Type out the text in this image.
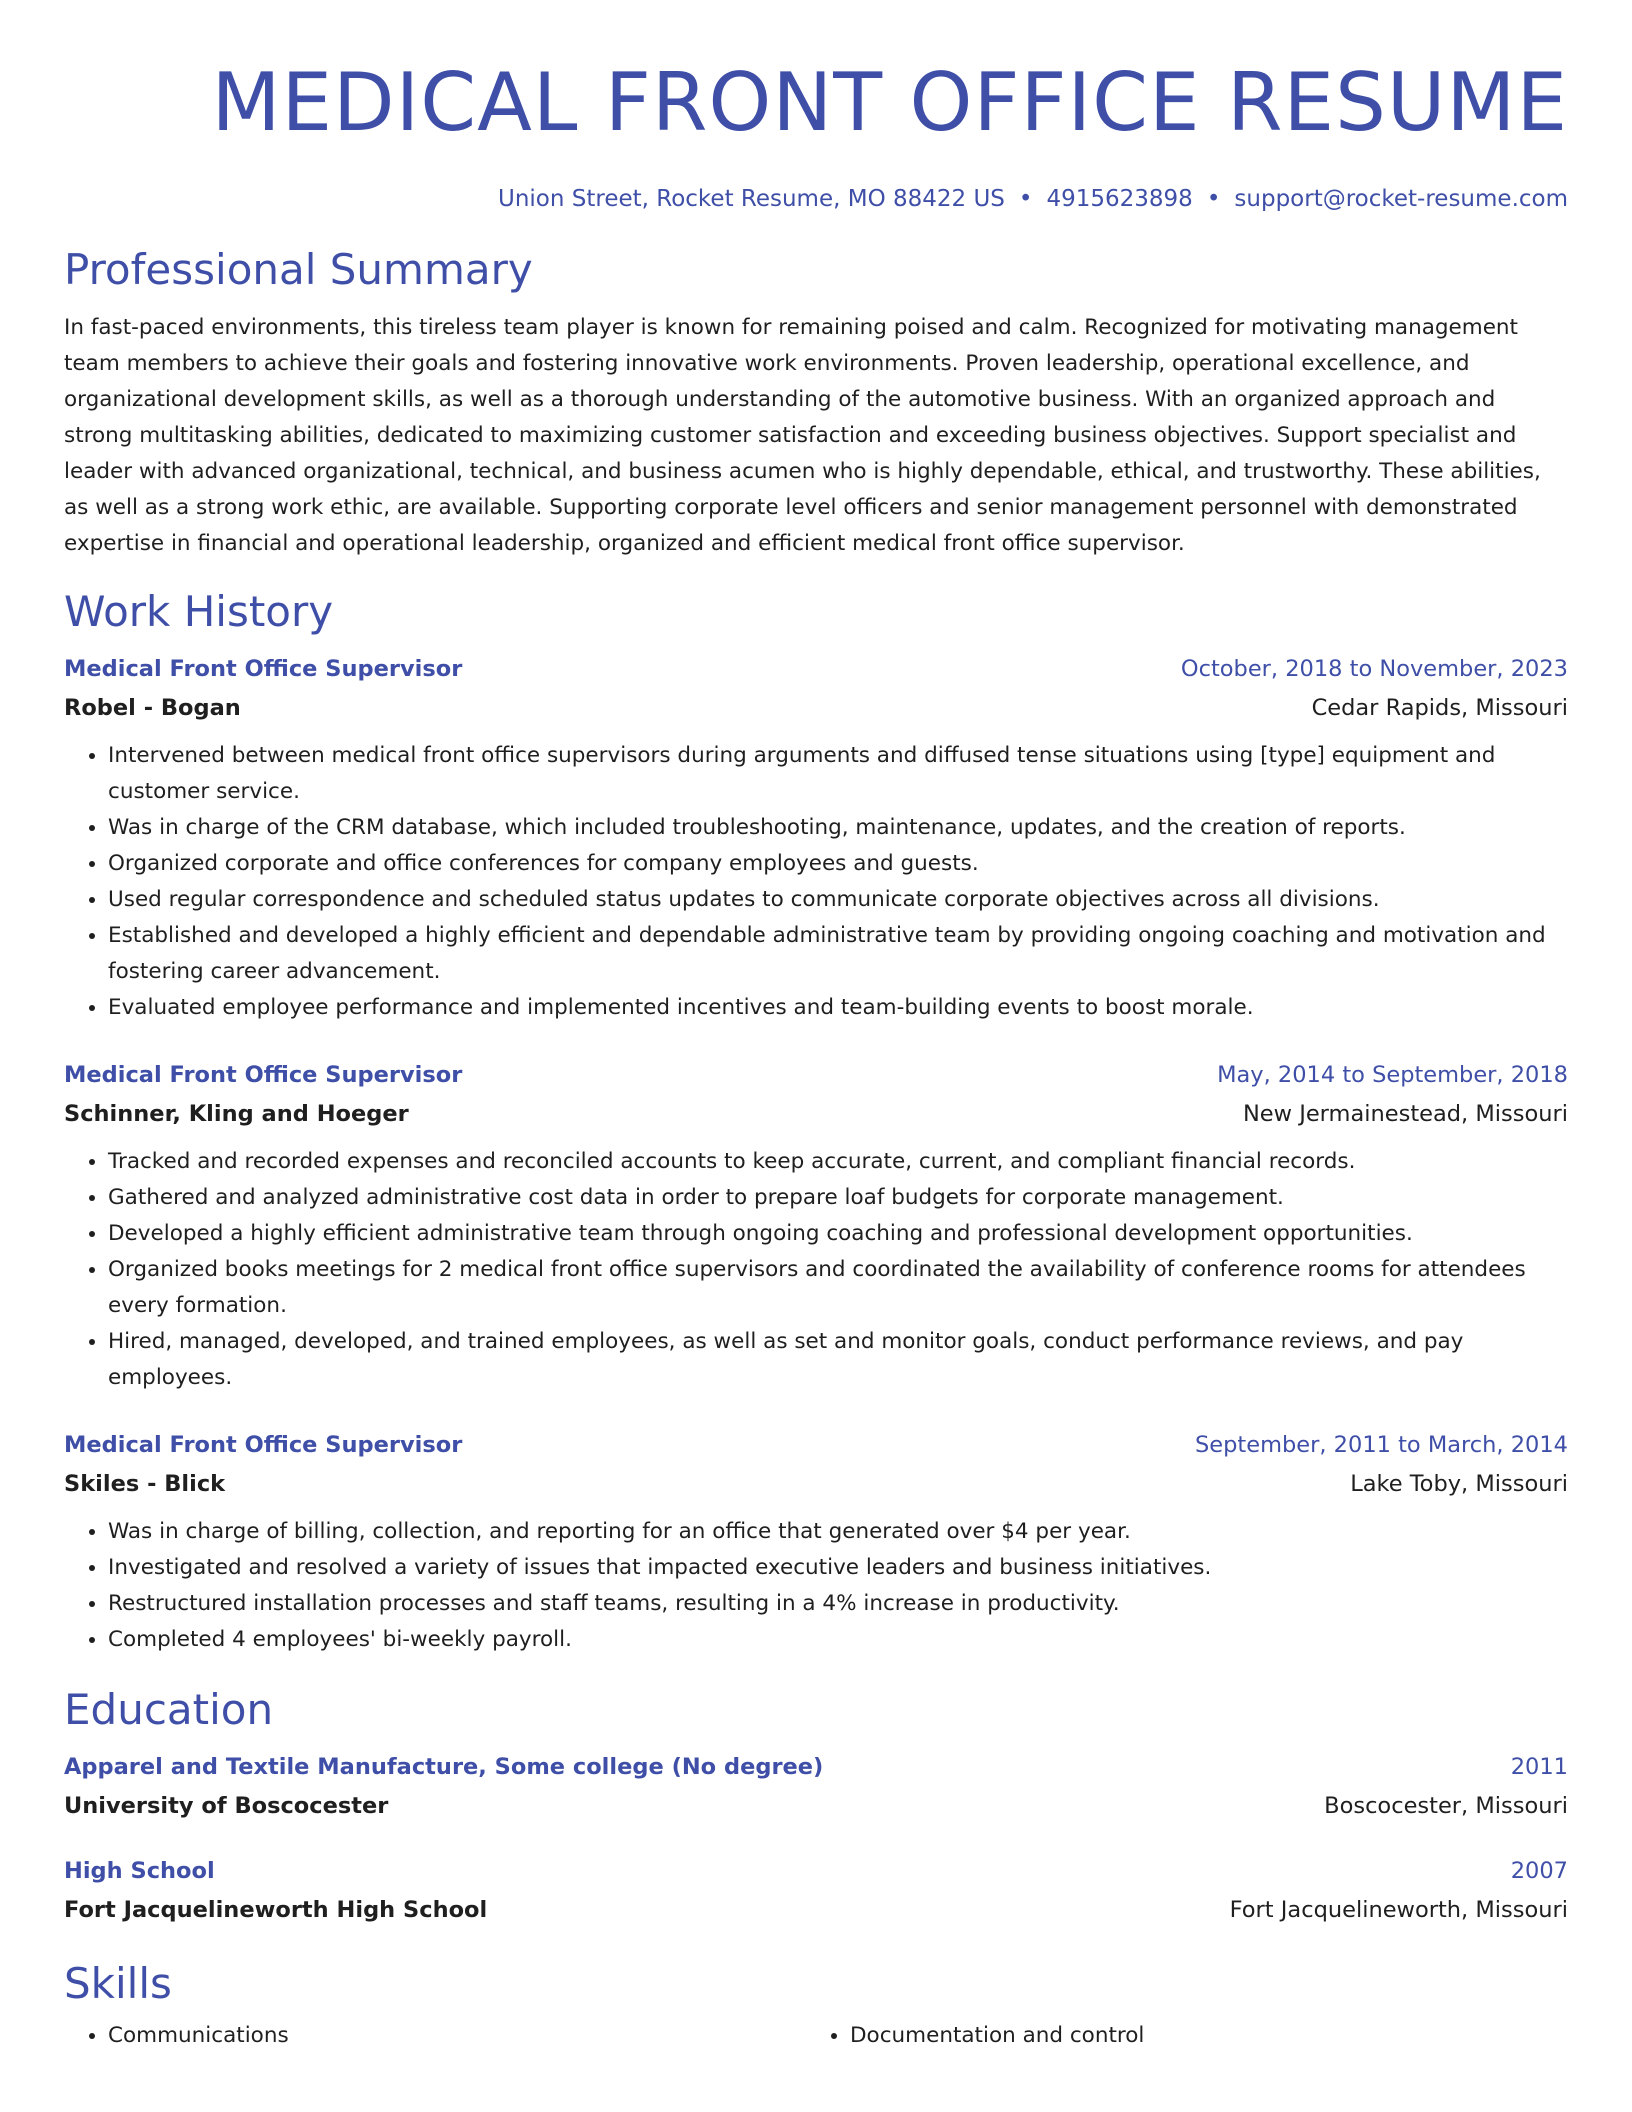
MEDICAL FRONT OFFICE RESUME
Union Street, Rocket Resume, MO 88422 US • 4915623898 • support@rocket-resume.com
Professional Summary
In fast-paced environments, this tireless team player is known for remaining poised and calm. Recognized for motivating management team members to achieve their goals and fostering innovative work environments. Proven leadership, operational excellence, and organizational development skills, as well as a thorough understanding of the automotive business. With an organized approach and strong multitasking abilities, dedicated to maximizing customer satisfaction and exceeding business objectives. Support specialist and leader with advanced organizational, technical, and business acumen who is highly dependable, ethical, and trustworthy. These abilities, as well as a strong work ethic, are available. Supporting corporate level officers and senior management personnel with demonstrated expertise in financial and operational leadership, organized and efficient medical front office supervisor.
Work History
Medical Front Office Supervisor	October, 2018 to November, 2023
Robel - Bogan	Cedar Rapids, Missouri
• Intervened between medical front office supervisors during arguments and diffused tense situations using [type] equipment and customer service.
• Was in charge of the CRM database, which included troubleshooting, maintenance, updates, and the creation of reports.
• Organized corporate and office conferences for company employees and guests.
• Used regular correspondence and scheduled status updates to communicate corporate objectives across all divisions.
• Established and developed a highly efficient and dependable administrative team by providing ongoing coaching and motivation and fostering career advancement.
• Evaluated employee performance and implemented incentives and team-building events to boost morale.
Medical Front Office Supervisor	May, 2014 to September, 2018
Schinner, Kling and Hoeger	New Jermainestead, Missouri
• Tracked and recorded expenses and reconciled accounts to keep accurate, current, and compliant financial records.
• Gathered and analyzed administrative cost data in order to prepare loaf budgets for corporate management.
• Developed a highly efficient administrative team through ongoing coaching and professional development opportunities.
• Organized books meetings for 2 medical front office supervisors and coordinated the availability of conference rooms for attendees every formation.
• Hired, managed, developed, and trained employees, as well as set and monitor goals, conduct performance reviews, and pay employees.
Medical Front Office Supervisor	September, 2011 to March, 2014
Skiles - Blick	Lake Toby, Missouri
• Was in charge of billing, collection, and reporting for an office that generated over $4 per year.
• Investigated and resolved a variety of issues that impacted executive leaders and business initiatives.
• Restructured installation processes and staff teams, resulting in a 4% increase in productivity.
• Completed 4 employees' bi-weekly payroll.
Education
Apparel and Textile Manufacture, Some college (No degree)	2011
University of Boscocester	Boscocester, Missouri
High School	2007
Fort Jacquelineworth High School	Fort Jacquelineworth, Missouri
Skills
• Communications
•	Documentation and control
